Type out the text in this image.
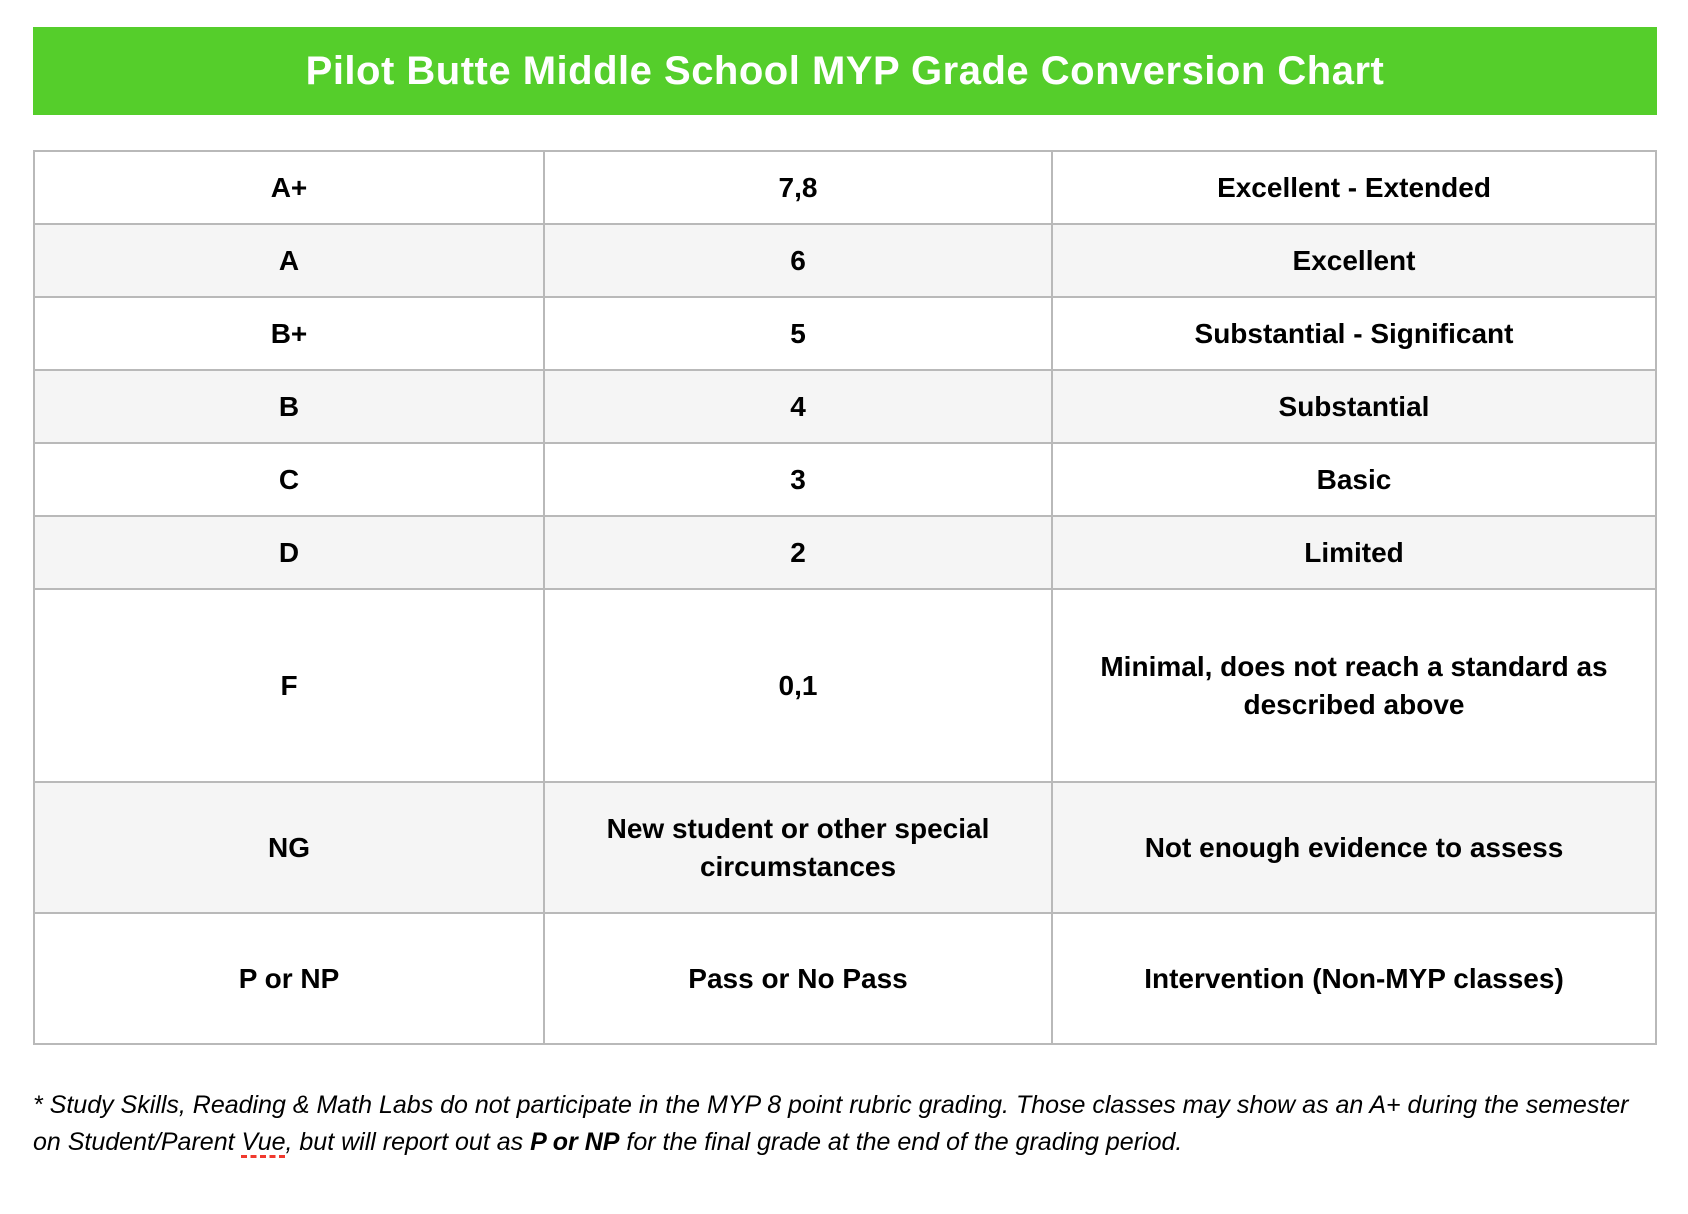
Pilot Butte Middle School MYP Grade Conversion Chart
A+	7,8	Excellent - Extended
A	6	Excellent
B+	5	Substantial - Significant
B	4	Substantial
C	3	Basic
D	2	Limited
F	0,1	Minimal, does not reach a standard as described above
NG	New student or other special circumstances	Not enough evidence to assess
P or NP	Pass or No Pass	Intervention (Non-MYP classes)

* Study Skills, Reading & Math Labs do not participate in the MYP 8 point rubric grading. Those classes may show as an A+ during the semester on Student/Parent Vue, but will report out as P or NP for the final grade at the end of the grading period.
